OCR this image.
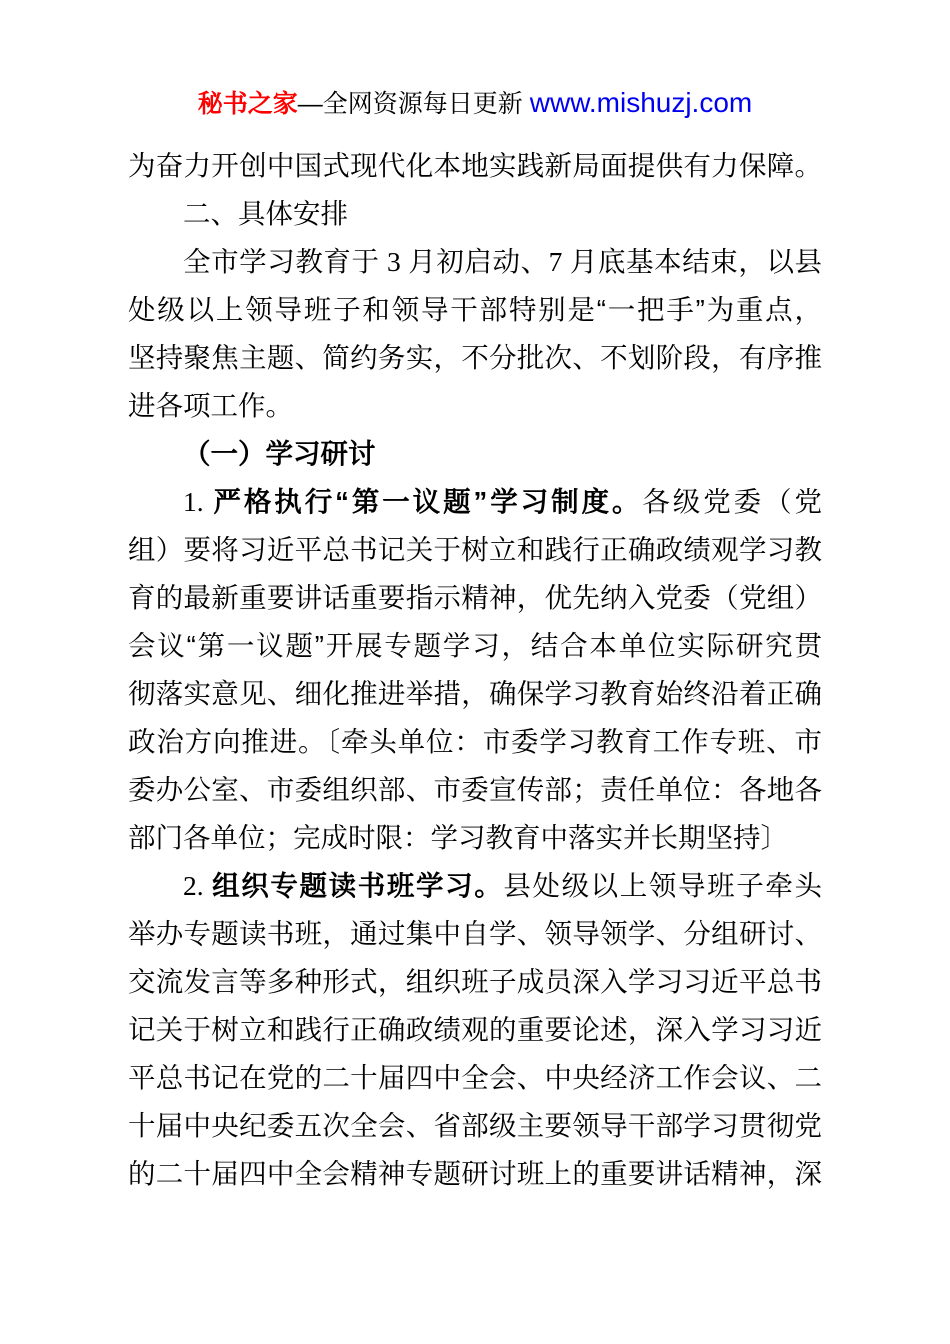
秘书之家—全网资源每日更新 www.mishuzj.com
为奋力开创中国式现代化本地实践新局面提供有力保障。
二、具体安排
全市学习教育于 3 月初启动、7 月底基本结束，以县
处级以上领导班子和领导干部特别是“一把手”为重点，
坚持聚焦主题、简约务实，不分批次、不划阶段，有序推
进各项工作。
（一）学习研讨
1. 严格执行“第一议题”学习制度。各级党委（党
组）要将习近平总书记关于树立和践行正确政绩观学习教
育的最新重要讲话重要指示精神，优先纳入党委（党组）
会议“第一议题”开展专题学习，结合本单位实际研究贯
彻落实意见、细化推进举措，确保学习教育始终沿着正确
政治方向推进。〔牵头单位：市委学习教育工作专班、市
委办公室、市委组织部、市委宣传部；责任单位：各地各
部门各单位；完成时限：学习教育中落实并长期坚持〕
2. 组织专题读书班学习。县处级以上领导班子牵头
举办专题读书班，通过集中自学、领导领学、分组研讨、
交流发言等多种形式，组织班子成员深入学习习近平总书
记关于树立和践行正确政绩观的重要论述，深入学习习近
平总书记在党的二十届四中全会、中央经济工作会议、二
十届中央纪委五次全会、省部级主要领导干部学习贯彻党
的二十届四中全会精神专题研讨班上的重要讲话精神，深
